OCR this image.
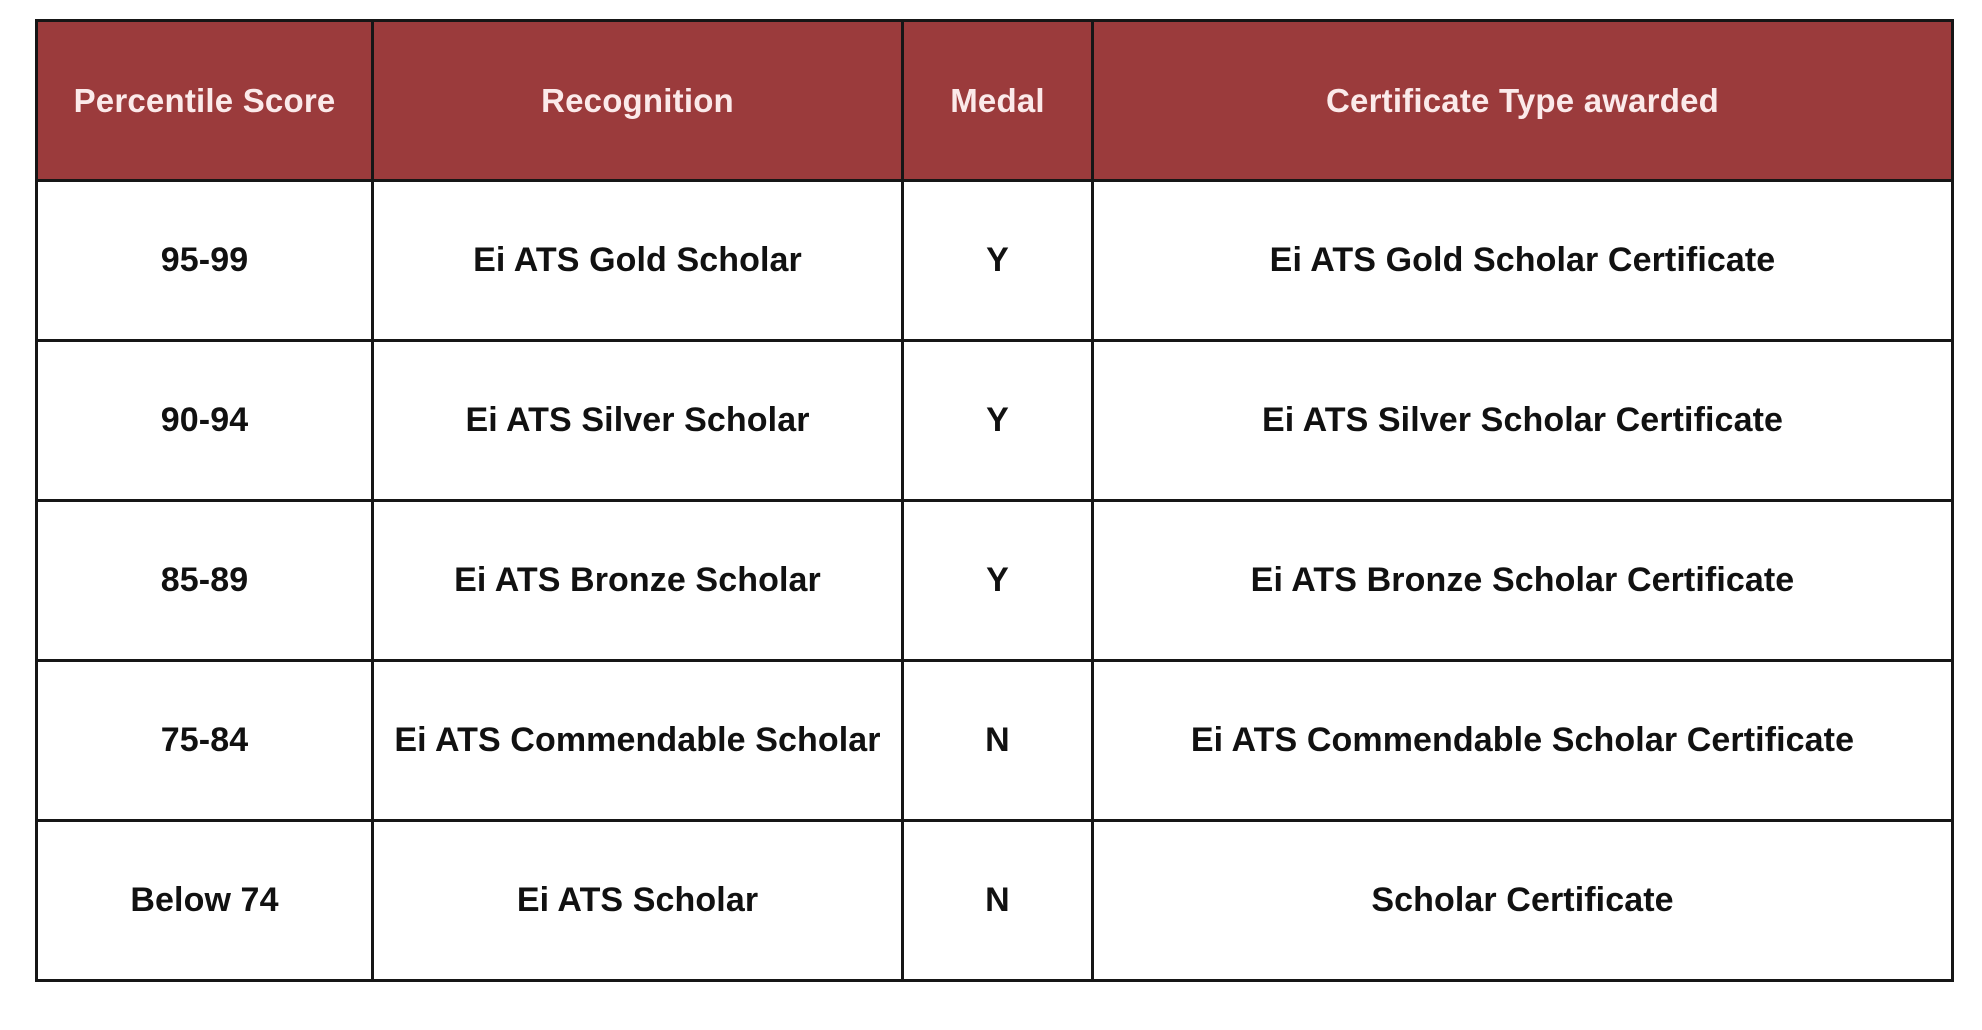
Percentile Score	Recognition	Medal	Certificate Type awarded
95-99	Ei ATS Gold Scholar	Y	Ei ATS Gold Scholar Certificate
90-94	Ei ATS Silver Scholar	Y	Ei ATS Silver Scholar Certificate
85-89	Ei ATS Bronze Scholar	Y	Ei ATS Bronze Scholar Certificate
75-84	Ei ATS Commendable Scholar	N	Ei ATS Commendable Scholar Certificate
Below 74	Ei ATS Scholar	N	Scholar Certificate
